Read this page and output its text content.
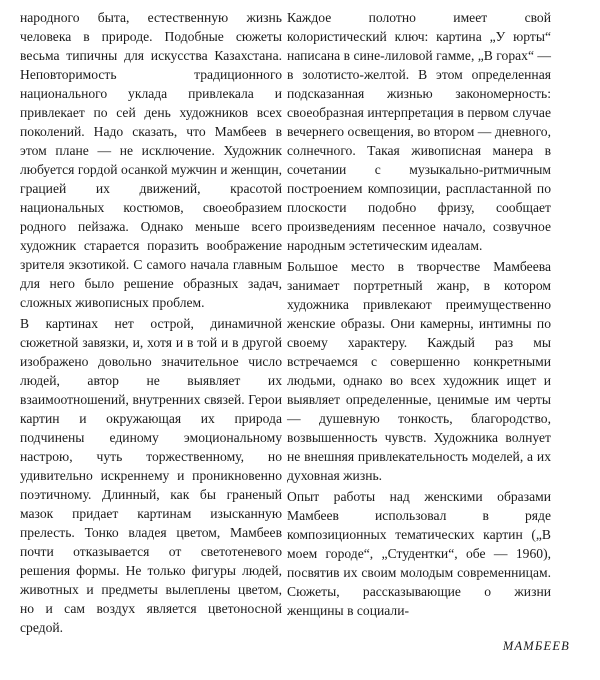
народного быта, естественную жизнь человека в природе. Подобные сюжеты весьма типичны для искусства Казахстана. Неповторимость традиционного национального уклада привлекала и привлекает по сей день художников всех поколений. Надо сказать, что Мамбеев в этом плане — не исключение. Художник любуется гордой осанкой мужчин и женщин, грацией их движений, красотой национальных костюмов, своеобразием родного пейзажа. Однако меньше всего художник старается поразить воображение зрителя экзотикой. С самого начала главным для него было решение образных задач, сложных живописных проблем.

В картинах нет острой, динамичной сюжетной завязки, и, хотя и в той и в другой изображено довольно значительное число людей, автор не выявляет их взаимоотношений, внутренних связей. Герои картин и окружающая их природа подчинены единому эмоциональному настрою, чуть торжественному, но удивительно искреннему и проникновенно поэтичному. Длинный, как бы граненый мазок придает картинам изысканную прелесть. Тонко владея цветом, Мамбеев почти отказывается от светотеневого решения формы. Не только фигуры людей, животных и предметы вылеплены цветом, но и сам воздух является цветоносной средой.

Каждое полотно имеет свой колористический ключ: картина „У юрты“ написана в сине-лиловой гамме, „В горах“ — в золотисто-желтой. В этом определенная подсказанная жизнью закономерность: своеобразная интерпретация в первом случае вечернего освещения, во втором — дневного, солнечного. Такая живописная манера в сочетании с музыкально-ритмичным построением композиции, распластанной по плоскости подобно фризу, сообщает произведениям песенное начало, созвучное народным эстетическим идеалам.

Большое место в творчестве Мамбеева занимает портретный жанр, в котором художника привлекают преимущественно женские образы. Они камерны, интимны по своему характеру. Каждый раз мы встречаемся с совершенно конкретными людьми, однако во всех художник ищет и выявляет определенные, ценимые им черты — душевную тонкость, благородство, возвышенность чувств. Художника волнует не внешняя привлекательность моделей, а их духовная жизнь.

Опыт работы над женскими образами Мамбеев использовал в ряде композиционных тематических картин („В моем городе“, „Студентки“, обе — 1960), посвятив их своим молодым современницам. Сюжеты, рассказывающие о жизни женщины в социали-

МАМБЕЕВ
